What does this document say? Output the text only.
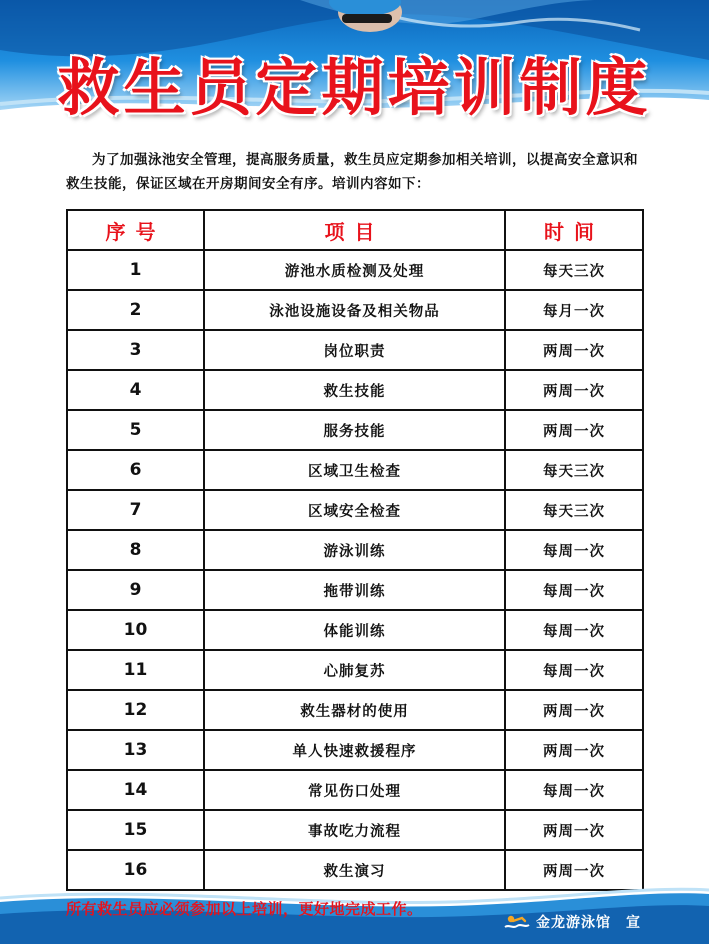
救生员定期培训制度
为了加强泳池安全管理，提高服务质量，救生员应定期参加相关培训，以提高安全意识和救生技能，保证区域在开房期间安全有序。培训内容如下：
序号	项目	时间
1	游池水质检测及处理	每天三次
2	泳池设施设备及相关物品	每月一次
3	岗位职责	两周一次
4	救生技能	两周一次
5	服务技能	两周一次
6	区域卫生检查	每天三次
7	区域安全检查	每天三次
8	游泳训练	每周一次
9	拖带训练	每周一次
10	体能训练	每周一次
11	心肺复苏	每周一次
12	救生器材的使用	两周一次
13	单人快速救援程序	两周一次
14	常见伤口处理	每周一次
15	事故吃力流程	两周一次
16	救生演习	两周一次
所有救生员应必须参加以上培训，更好地完成工作。
金龙游泳馆　宣
